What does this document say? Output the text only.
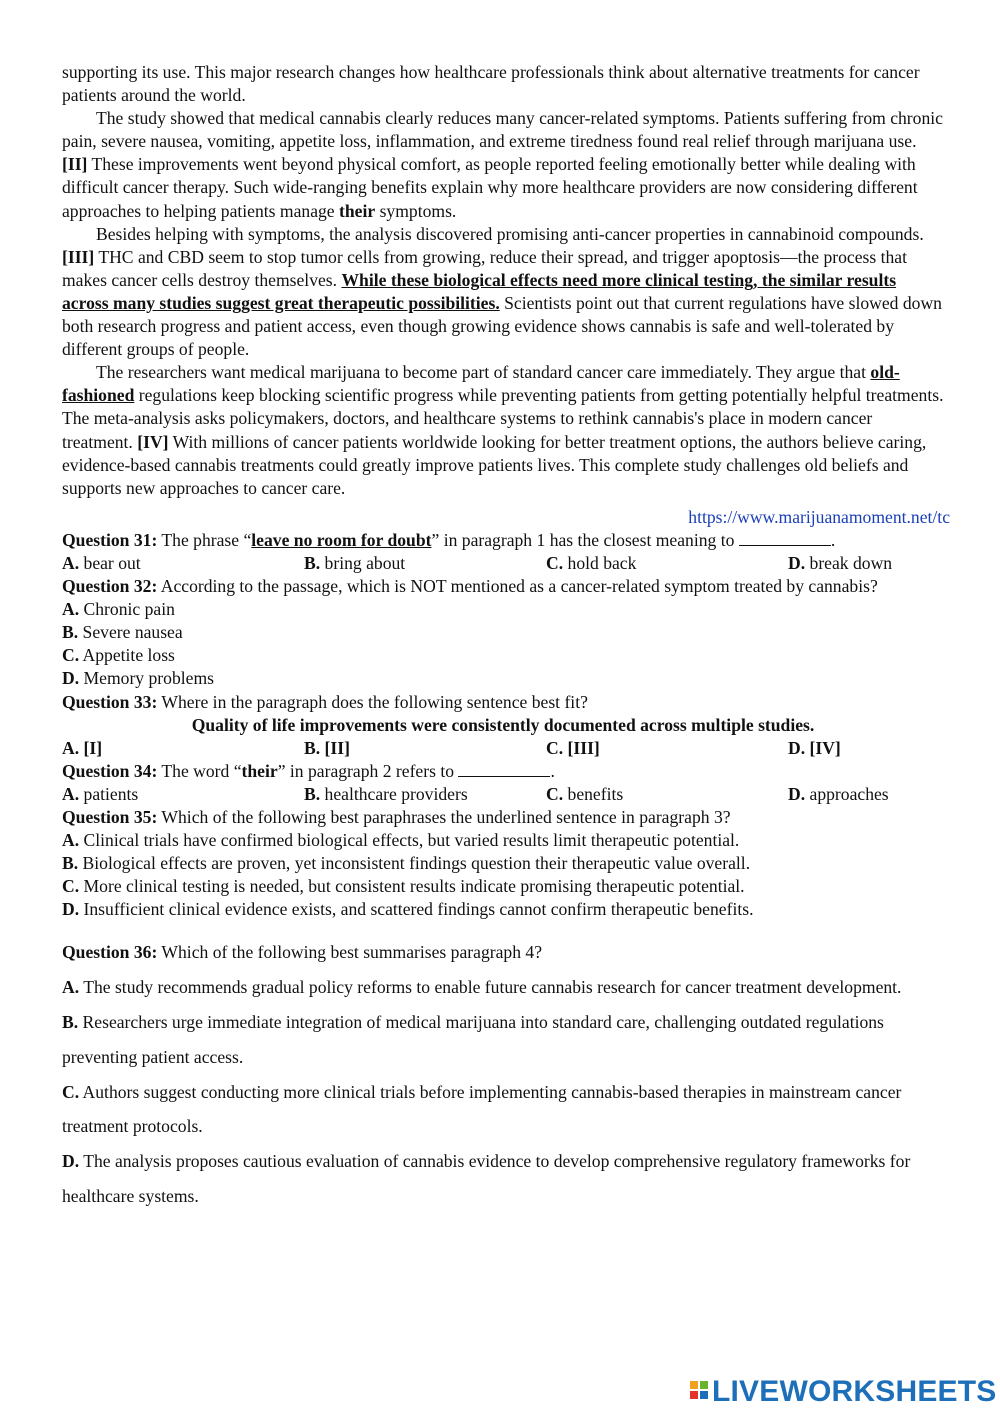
supporting its use. This major research changes how healthcare professionals think about alternative treatments for cancer patients around the world.

The study showed that medical cannabis clearly reduces many cancer-related symptoms. Patients suffering from chronic pain, severe nausea, vomiting, appetite loss, inflammation, and extreme tiredness found real relief through marijuana use. [II] These improvements went beyond physical comfort, as people reported feeling emotionally better while dealing with difficult cancer therapy. Such wide-ranging benefits explain why more healthcare providers are now considering different approaches to helping patients manage their symptoms.

Besides helping with symptoms, the analysis discovered promising anti-cancer properties in cannabinoid compounds. [III] THC and CBD seem to stop tumor cells from growing, reduce their spread, and trigger apoptosis—the process that makes cancer cells destroy themselves. While these biological effects need more clinical testing, the similar results across many studies suggest great therapeutic possibilities. Scientists point out that current regulations have slowed down both research progress and patient access, even though growing evidence shows cannabis is safe and well-tolerated by different groups of people.

The researchers want medical marijuana to become part of standard cancer care immediately. They argue that old-fashioned regulations keep blocking scientific progress while preventing patients from getting potentially helpful treatments. The meta-analysis asks policymakers, doctors, and healthcare systems to rethink cannabis's place in modern cancer treatment. [IV] With millions of cancer patients worldwide looking for better treatment options, the authors believe caring, evidence-based cannabis treatments could greatly improve patients lives. This complete study challenges old beliefs and supports new approaches to cancer care.

https://www.marijuanamoment.net/tc

Question 31: The phrase “leave no room for doubt” in paragraph 1 has the closest meaning to	.

A. bear out	B. bring about	C. hold back	D. break down

Question 32: According to the passage, which is NOT mentioned as a cancer-related symptom treated by cannabis?

A. Chronic pain

B. Severe nausea

C. Appetite loss

D. Memory problems

Question 33: Where in the paragraph does the following sentence best fit?

Quality of life improvements were consistently documented across multiple studies.

A. [I]	B. [II]	C. [III]	D. [IV]

Question 34: The word “their” in paragraph 2 refers to	.

A. patients	B. healthcare providers	C. benefits	D. approaches

Question 35: Which of the following best paraphrases the underlined sentence in paragraph 3?

A. Clinical trials have confirmed biological effects, but varied results limit therapeutic potential.

B. Biological effects are proven, yet inconsistent findings question their therapeutic value overall.

C. More clinical testing is needed, but consistent results indicate promising therapeutic potential.

D. Insufficient clinical evidence exists, and scattered findings cannot confirm therapeutic benefits.

Question 36: Which of the following best summarises paragraph 4?

A. The study recommends gradual policy reforms to enable future cannabis research for cancer treatment development.

B. Researchers urge immediate integration of medical marijuana into standard care, challenging outdated regulations preventing patient access.

C. Authors suggest conducting more clinical trials before implementing cannabis-based therapies in mainstream cancer treatment protocols.

D. The analysis proposes cautious evaluation of cannabis evidence to develop comprehensive regulatory frameworks for healthcare systems.

LIVEWORKSHEETS
